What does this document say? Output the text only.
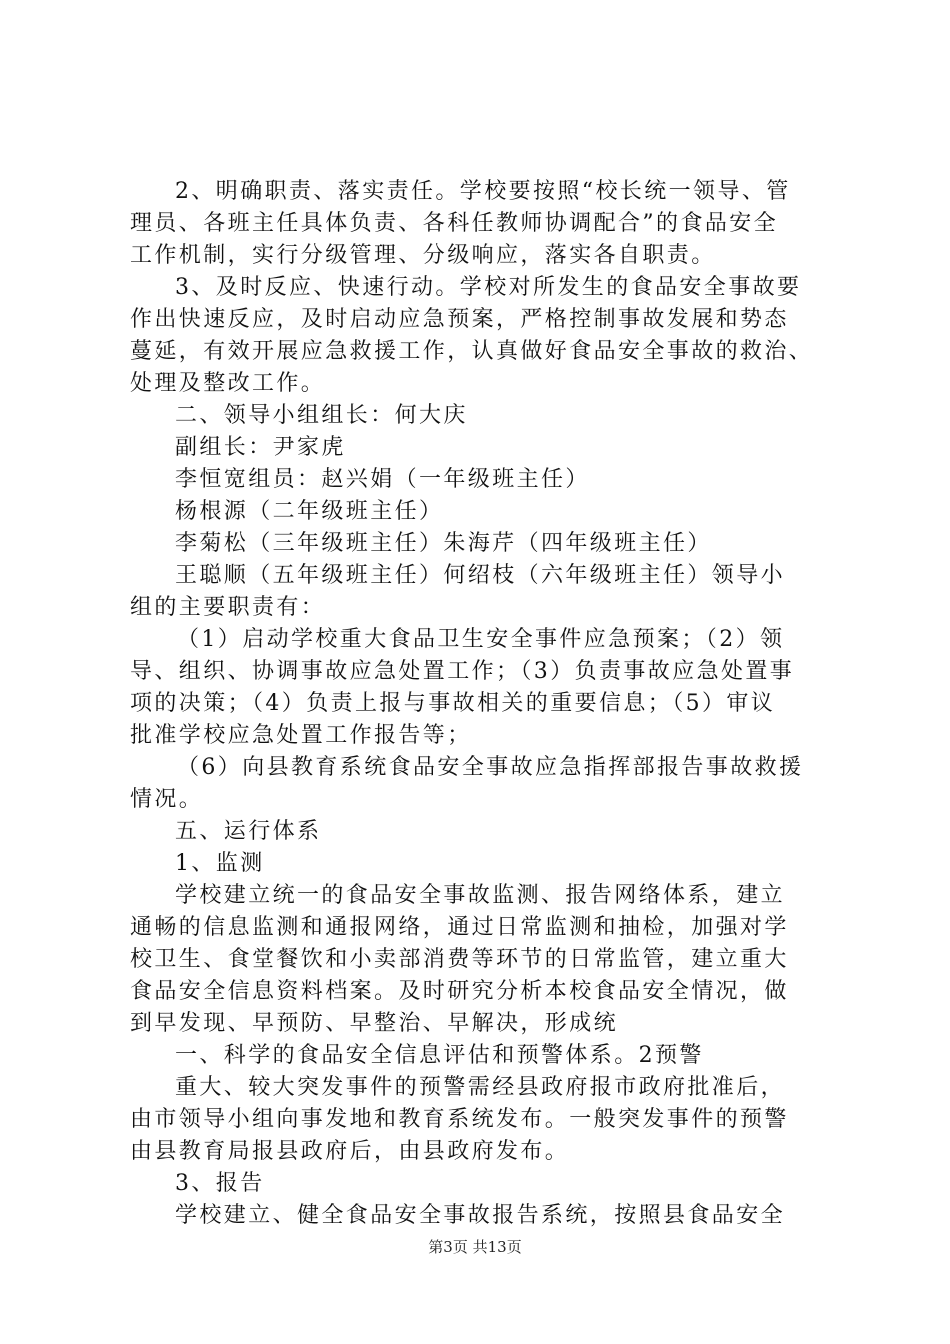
2、明确职责、落实责任。学校要按照“校长统一领导、管
理员、各班主任具体负责、各科任教师协调配合”的食品安全
工作机制，实行分级管理、分级响应，落实各自职责。
3、及时反应、快速行动。学校对所发生的食品安全事故要
作出快速反应，及时启动应急预案，严格控制事故发展和势态
蔓延，有效开展应急救援工作，认真做好食品安全事故的救治、
处理及整改工作。
二、领导小组组长：何大庆
副组长：尹家虎
李恒宽组员：赵兴娟（一年级班主任）
杨根源（二年级班主任）
李菊松（三年级班主任）朱海芹（四年级班主任）
王聪顺（五年级班主任）何绍枝（六年级班主任）领导小
组的主要职责有：
（1）启动学校重大食品卫生安全事件应急预案；（2）领
导、组织、协调事故应急处置工作；（3）负责事故应急处置事
项的决策；（4）负责上报与事故相关的重要信息；（5）审议
批准学校应急处置工作报告等；
（6）向县教育系统食品安全事故应急指挥部报告事故救援
情况。
五、运行体系
1、监测
学校建立统一的食品安全事故监测、报告网络体系，建立
通畅的信息监测和通报网络，通过日常监测和抽检，加强对学
校卫生、食堂餐饮和小卖部消费等环节的日常监管，建立重大
食品安全信息资料档案。及时研究分析本校食品安全情况，做
到早发现、早预防、早整治、早解决，形成统
一、科学的食品安全信息评估和预警体系。2预警
重大、较大突发事件的预警需经县政府报市政府批准后，
由市领导小组向事发地和教育系统发布。一般突发事件的预警
由县教育局报县政府后，由县政府发布。
3、报告
学校建立、健全食品安全事故报告系统，按照县食品安全
第3页 共13页
